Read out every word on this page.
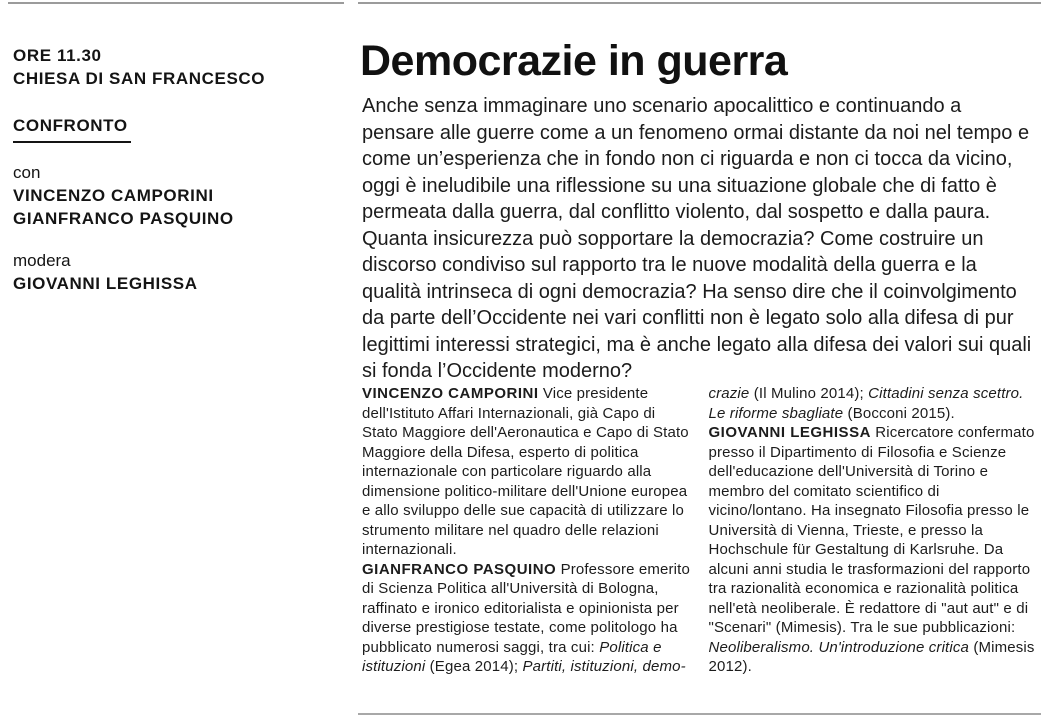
ORE 11.30
CHIESA DI SAN FRANCESCO
CONFRONTO
con
VINCENZO CAMPORINI
GIANFRANCO PASQUINO
modera
GIOVANNI LEGHISSA
Democrazie in guerra
Anche senza immaginare uno scenario apocalittico e continuando a pensare alle guerre come a un fenomeno ormai distante da noi nel tempo e come un’esperienza che in fondo non ci riguarda e non ci tocca da vicino, oggi è ineludibile una riflessione su una situazione globale che di fatto è permeata dalla guerra, dal conflitto violento, dal sospetto e dalla paura. Quanta insicurezza può sopportare la democrazia? Come costruire un discorso condiviso sul rapporto tra le nuove modalità della guerra e la qualità intrinseca di ogni democrazia? Ha senso dire che il coinvolgimento da parte dell’Occidente nei vari conflitti non è legato solo alla difesa di pur legittimi interessi strategici, ma è anche legato alla difesa dei valori sui quali si fonda l’Occidente moderno?

VINCENZO CAMPORINI Vice presidente dell'Istituto Affari Internazionali, già Capo di Stato Maggiore dell'Aeronautica e Capo di Stato Maggiore della Difesa, esperto di politica internazionale con particolare riguardo alla dimensione politico-militare dell'Unione europea e allo sviluppo delle sue capacità di utilizzare lo strumento militare nel quadro delle relazioni internazionali.

GIANFRANCO PASQUINO Professore emerito di Scienza Politica all'Università di Bologna, raffinato e ironico editorialista e opinionista per diverse prestigiose testate, come politologo ha pubblicato numerosi saggi, tra cui: Politica e istituzioni (Egea 2014); Partiti, istituzioni, demo-

crazie (Il Mulino 2014); Cittadini senza scettro. Le riforme sbagliate (Bocconi 2015).

GIOVANNI LEGHISSA Ricercatore confermato presso il Dipartimento di Filosofia e Scienze dell'educazione dell'Università di Torino e membro del comitato scientifico di vicino/lontano. Ha insegnato Filosofia presso le Università di Vienna, Trieste, e presso la Hochschule für Gestaltung di Karlsruhe. Da alcuni anni studia le trasformazioni del rapporto tra razionalità economica e razionalità politica nell'età neoliberale. È redattore di "aut aut" e di "Scenari" (Mimesis). Tra le sue pubblicazioni: Neoliberalismo. Un'introduzione critica (Mimesis 2012).
